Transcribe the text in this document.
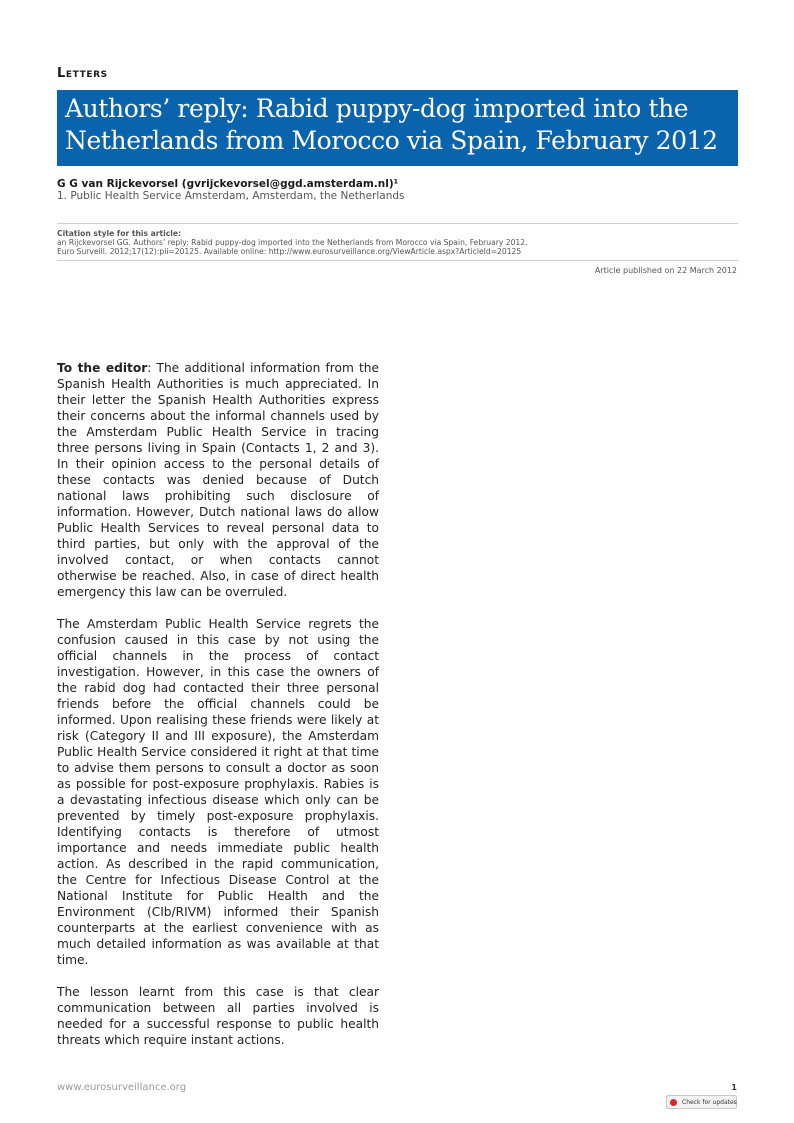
Letters
Authors’ reply: Rabid puppy-dog imported into the
Netherlands from Morocco via Spain, February 2012
G G van Rijckevorsel (gvrijckevorsel@ggd.amsterdam.nl)¹
1. Public Health Service Amsterdam, Amsterdam, the Netherlands
Citation style for this article:
an Rijckevorsel GG. Authors’ reply: Rabid puppy-dog imported into the Netherlands from Morocco via Spain, February 2012.
Euro Surveill. 2012;17(12):pii=20125. Available online: http://www.eurosurveillance.org/ViewArticle.aspx?ArticleId=20125
Article published on 22 March 2012

To the editor: The additional information from the Spanish Health Authorities is much appreciated. In their letter the Spanish Health Authorities express their concerns about the informal channels used by the Amsterdam Public Health Service in tracing three persons living in Spain (Contacts 1, 2 and 3). In their opinion access to the personal details of these contacts was denied because of Dutch national laws prohibiting such disclosure of information. However, Dutch national laws do allow Public Health Services to reveal personal data to third parties, but only with the approval of the involved contact, or when contacts cannot otherwise be reached. Also, in case of direct health emergency this law can be overruled.

The Amsterdam Public Health Service regrets the confusion caused in this case by not using the official channels in the process of contact investigation. However, in this case the owners of the rabid dog had contacted their three personal friends before the official channels could be informed. Upon realising these friends were likely at risk (Category II and III exposure), the Amsterdam Public Health Service considered it right at that time to advise them persons to consult a doctor as soon as possible for post-exposure prophylaxis. Rabies is a devastating infectious disease which only can be prevented by timely post-exposure prophylaxis. Identifying contacts is therefore of utmost importance and needs immediate public health action. As described in the rapid communication, the Centre for Infectious Disease Control at the National Institute for Public Health and the Environment (CIb/RIVM) informed their Spanish counterparts at the earliest convenience with as much detailed information as was available at that time.

The lesson learnt from this case is that clear communication between all parties involved is needed for a successful response to public health threats which require instant actions.

www.eurosurveillance.org	1
Check for updates
